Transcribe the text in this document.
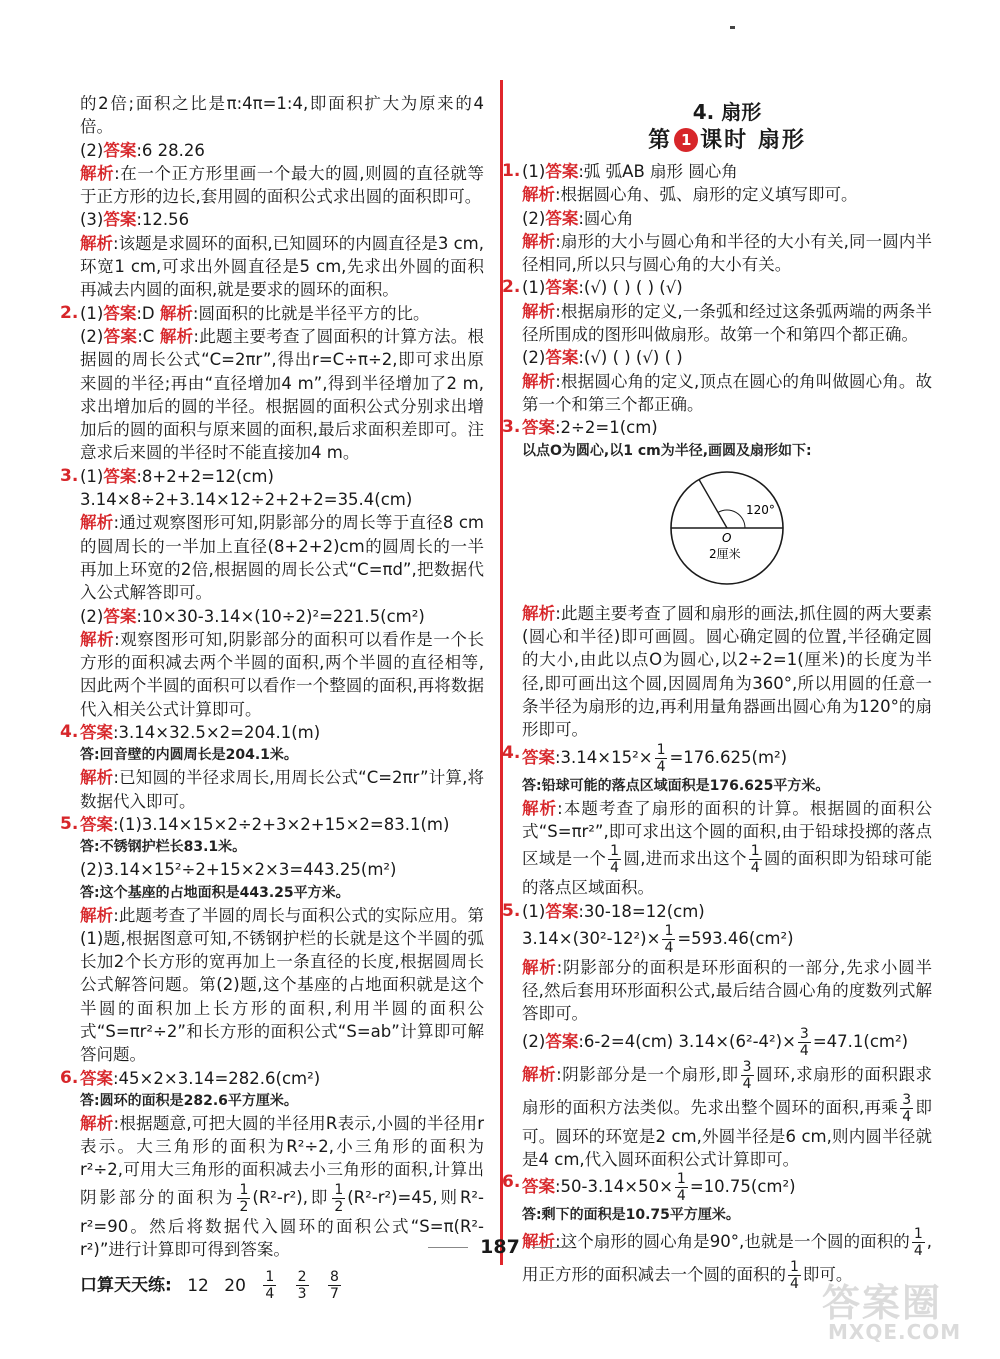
的2倍;面积之比是π:4π=1:4,即面积扩大为原来的4倍。

(2)答案:6 28.26

解析:在一个正方形里画一个最大的圆,则圆的直径就等于正方形的边长,套用圆的面积公式求出圆的面积即可。

(3)答案:12.56

解析:该题是求圆环的面积,已知圆环的内圆直径是3 cm,环宽1 cm,可求出外圆直径是5 cm,先求出外圆的面积再减去内圆的面积,就是要求的圆环的面积。

2. (1)答案:D 解析:圆面积的比就是半径平方的比。

(2)答案:C 解析:此题主要考查了圆面积的计算方法。根据圆的周长公式“C=2πr”,得出r=C÷π÷2,即可求出原来圆的半径;再由“直径增加4 m”,得到半径增加了2 m,求出增加后的圆的半径。根据圆的面积公式分别求出增加后的圆的面积与原来圆的面积,最后求面积差即可。注意求后来圆的半径时不能直接加4 m。

3. (1)答案:8+2+2=12(cm)

3.14×8÷2+3.14×12÷2+2+2=35.4(cm)

解析:通过观察图形可知,阴影部分的周长等于直径8 cm的圆周长的一半加上直径(8+2+2)cm的圆周长的一半再加上环宽的2倍,根据圆的周长公式“C=πd”,把数据代入公式解答即可。

(2)答案:10×30-3.14×(10÷2)²=221.5(cm²)

解析:观察图形可知,阴影部分的面积可以看作是一个长方形的面积减去两个半圆的面积,两个半圆的直径相等,因此两个半圆的面积可以看作一个整圆的面积,再将数据代入相关公式计算即可。

4. 答案:3.14×32.5×2=204.1(m)

答:回音壁的内圆周长是204.1米。

解析:已知圆的半径求周长,用周长公式“C=2πr”计算,将数据代入即可。

5. 答案:(1)3.14×15×2÷2+3×2+15×2=83.1(m)

答:不锈钢护栏长83.1米。

(2)3.14×15²÷2+15×2×3=443.25(m²)

答:这个基座的占地面积是443.25平方米。

解析:此题考查了半圆的周长与面积公式的实际应用。第(1)题,根据图意可知,不锈钢护栏的长就是这个半圆的弧长加2个长方形的宽再加上一条直径的长度,根据圆周长公式解答问题。第(2)题,这个基座的占地面积就是这个半圆的面积加上长方形的面积,利用半圆的面积公式“S=πr²÷2”和长方形的面积公式“S=ab”计算即可解答问题。

6. 答案:45×2×3.14=282.6(cm²)

答:圆环的面积是282.6平方厘米。

解析:根据题意,可把大圆的半径用R表示,小圆的半径用r表示。大三角形的面积为R²÷2,小三角形的面积为r²÷2,可用大三角形的面积减去小三角形的面积,计算出阴影部分的面积为 $\frac{1}{2} (R^2-r^2)$,即 $\frac{1}{2} (R^2-r^2)=45$,则R²-r²=90。然后将数据代入圆环的面积公式“S=π(R²-r²)”进行计算即可得到答案。

口算天天练: 12 $20 \frac{1}{4}$
$\frac{2}{3}$
$\frac{8}{7}$

4. 扇形

第 1 课时 扇形

1. (1)答案:弧 弧AB 扇形 圆心角

解析:根据圆心角、弧、扇形的定义填写即可。

(2)答案:圆心角

解析:扇形的大小与圆心角和半径的大小有关,同一圆内半径相同,所以只与圆心角的大小有关。

2. (1)答案:(√) ( ) ( ) (√)

解析:根据扇形的定义,一条弧和经过这条弧两端的两条半径所围成的图形叫做扇形。故第一个和第四个都正确。

(2)答案:(√) ( ) (√) ( )

解析:根据圆心角的定义,顶点在圆心的角叫做圆心角。故第一个和第三个都正确。

3. 答案:2÷2=1(cm)

以点O为圆心,以1 cm为半径,画圆及扇形如下:

120°
O
2厘米

解析:此题主要考查了圆和扇形的画法,抓住圆的两大要素(圆心和半径)即可画圆。圆心确定圆的位置,半径确定圆的大小,由此以点O为圆心,以2÷2=1(厘米)的长度为半径,即可画出这个圆,因圆周角为360°,所以用圆的任意一条半径为扇形的边,再利用量角器画出圆心角为120°的扇形即可。

4. 答案:3.14×15²× $\frac{1}{4} =176.625(m^2)$

答:铅球可能的落点区域面积是176.625平方米。

解析:本题考查了扇形的面积的计算。根据圆的面积公式“S=πr²”,即可求出这个圆的面积,由于铅球投掷的落点区域是一个 $\frac{1}{4}$ 圆,进而求出这个 $\frac{1}{4}$ 圆的面积即为铅球可能的落点区域面积。

5. (1)答案:30-18=12(cm)

$3.14\times(30^2-12^2)\times \frac{1}{4} =593.46(cm^2)$

解析:阴影部分的面积是环形面积的一部分,先求小圆半径,然后套用环形面积公式,最后结合圆心角的度数列式解答即可。

(2)答案:6-2=4(cm) $3.14\times(6^2-4^2)\times \frac{3}{4} =47.1(cm^2)$

解析:阴影部分是一个扇形,即 $\frac{3}{4}$ 圆环,求扇形的面积跟求扇形的面积方法类似。先求出整个圆环的面积,再乘 $\frac{3}{4}$ 即可。圆环的环宽是2 cm,外圆半径是6 cm,则内圆半径就是4 cm,代入圆环面积公式计算即可。

6. 答案:50-3.14×50× $\frac{1}{4} =10.75(cm^2)$

答:剩下的面积是10.75平方厘米。

解析:这个扇形的圆心角是90°,也就是一个圆的面积的 $\frac{1}{4}$ ,用正方形的面积减去一个圆的面积的 $\frac{1}{4}$ 即可。

187
答案圈
MXQE.COM
